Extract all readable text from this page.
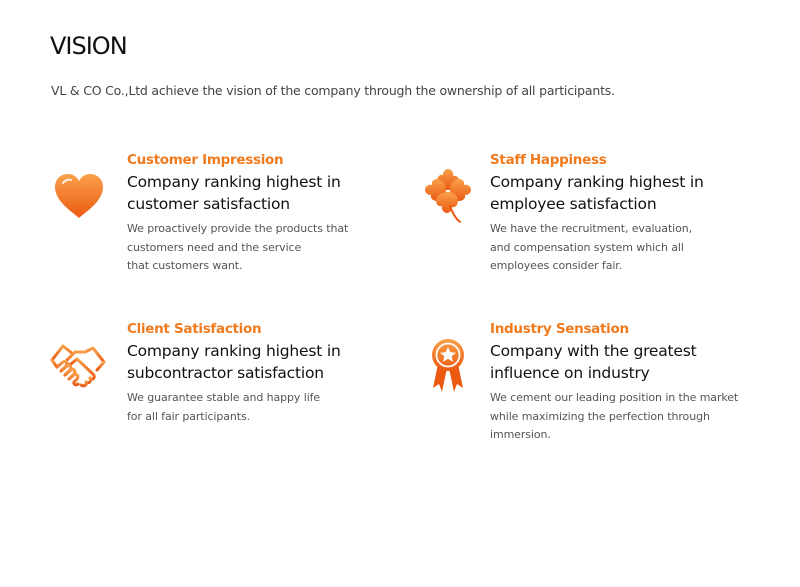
VISION
VL & CO Co.,Ltd achieve the vision of the company through the ownership of all participants.
Customer Impression
Company ranking highest in
customer satisfaction
We proactively provide the products that
customers need and the service
that customers want.
Staff Happiness
Company ranking highest in
employee satisfaction
We have the recruitment, evaluation,
and compensation system which all
employees consider fair.
Client Satisfaction
Company ranking highest in
subcontractor satisfaction
We guarantee stable and happy life
for all fair participants.
Industry Sensation
Company with the greatest
influence on industry
We cement our leading position in the market
while maximizing the perfection through
immersion.
